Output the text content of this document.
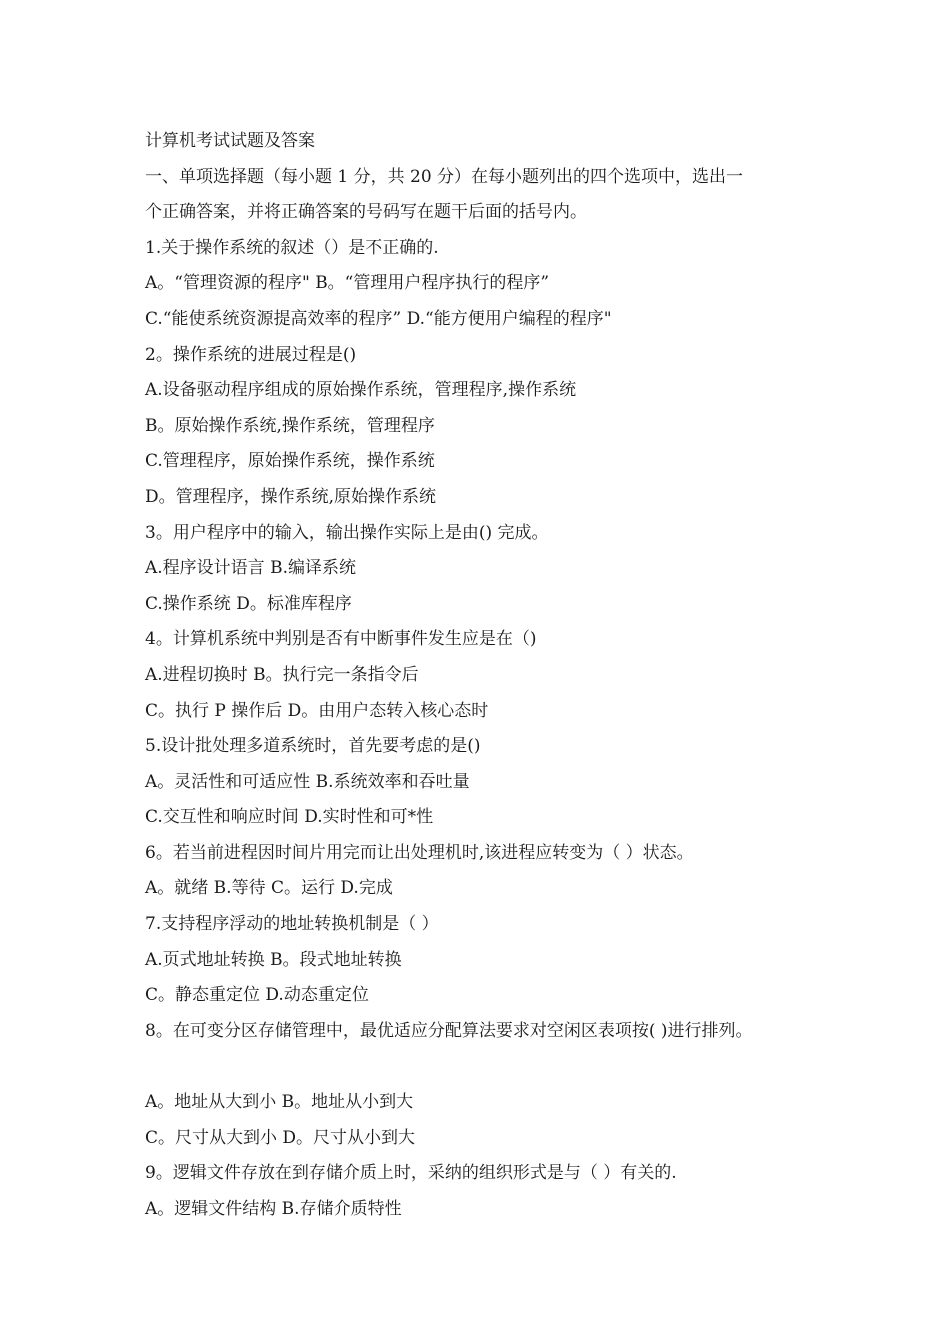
计算机考试试题及答案
一、单项选择题（每小题 1 分，共 20 分）在每小题列出的四个选项中，选出一
个正确答案，并将正确答案的号码写在题干后面的括号内。
1.关于操作系统的叙述（）是不正确的.
A。“管理资源的程序" B。“管理用户程序执行的程序”
C.“能使系统资源提高效率的程序” D.“能方便用户编程的程序"
2。操作系统的进展过程是()
A.设备驱动程序组成的原始操作系统，管理程序,操作系统
B。原始操作系统,操作系统，管理程序
C.管理程序，原始操作系统，操作系统
D。管理程序，操作系统,原始操作系统
3。用户程序中的输入，输出操作实际上是由() 完成。
A.程序设计语言 B.编译系统
C.操作系统 D。标准库程序
4。计算机系统中判别是否有中断事件发生应是在（)
A.进程切换时 B。执行完一条指令后
C。执行 P 操作后 D。由用户态转入核心态时
5.设计批处理多道系统时，首先要考虑的是()
A。灵活性和可适应性 B.系统效率和吞吐量
C.交互性和响应时间 D.实时性和可*性
6。若当前进程因时间片用完而让出处理机时,该进程应转变为（ ）状态。
A。就绪 B.等待 C。运行 D.完成
7.支持程序浮动的地址转换机制是（ ）
A.页式地址转换 B。段式地址转换
C。静态重定位 D.动态重定位
8。在可变分区存储管理中，最优适应分配算法要求对空闲区表项按( )进行排列。
A。地址从大到小 B。地址从小到大
C。尺寸从大到小 D。尺寸从小到大
9。逻辑文件存放在到存储介质上时，采纳的组织形式是与（ ）有关的.
A。逻辑文件结构 B.存储介质特性
